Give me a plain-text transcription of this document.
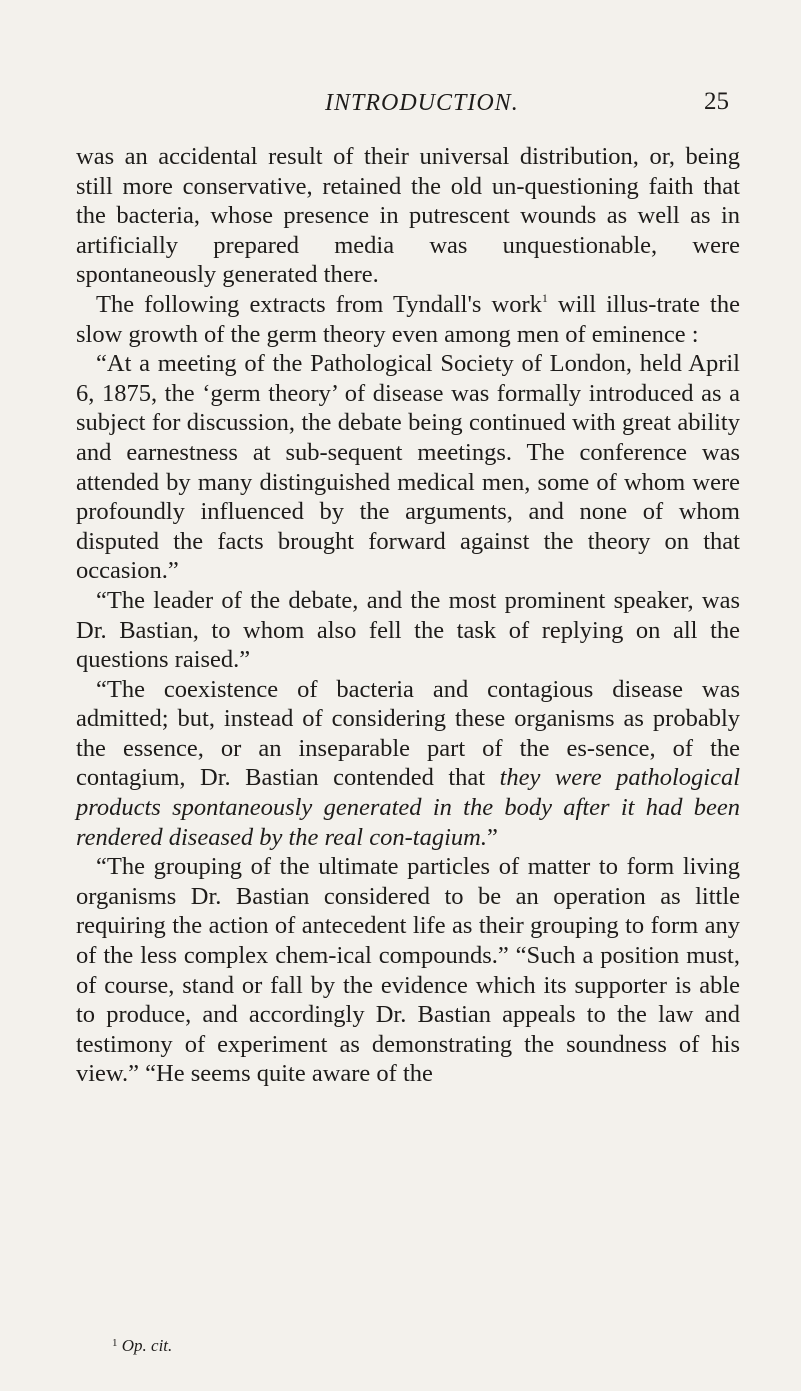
INTRODUCTION.	25

was an accidental result of their universal distribution, or, being still more conservative, retained the old un-questioning faith that the bacteria, whose presence in putrescent wounds as well as in artificially prepared media was unquestionable, were spontaneously generated there.

The following extracts from Tyndall's work$^1$ will illus-trate the slow growth of the germ theory even among men of eminence :

“At a meeting of the Pathological Society of London, held April 6, 1875, the ‘germ theory’ of disease was formally introduced as a subject for discussion, the debate being continued with great ability and earnestness at sub-sequent meetings. The conference was attended by many distinguished medical men, some of whom were profoundly influenced by the arguments, and none of whom disputed the facts brought forward against the theory on that occasion.”

“The leader of the debate, and the most prominent speaker, was Dr. Bastian, to whom also fell the task of replying on all the questions raised.”

“The coexistence of bacteria and contagious disease was admitted; but, instead of considering these organisms as probably the essence, or an inseparable part of the es-sence, of the contagium, Dr. Bastian contended that they were pathological products spontaneously generated in the body after it had been rendered diseased by the real con-tagium.”

“The grouping of the ultimate particles of matter to form living organisms Dr. Bastian considered to be an operation as little requiring the action of antecedent life as their grouping to form any of the less complex chem-ical compounds.” “Such a position must, of course, stand or fall by the evidence which its supporter is able to produce, and accordingly Dr. Bastian appeals to the law and testimony of experiment as demonstrating the soundness of his view.” “He seems quite aware of the

$^1$ Op. cit.
